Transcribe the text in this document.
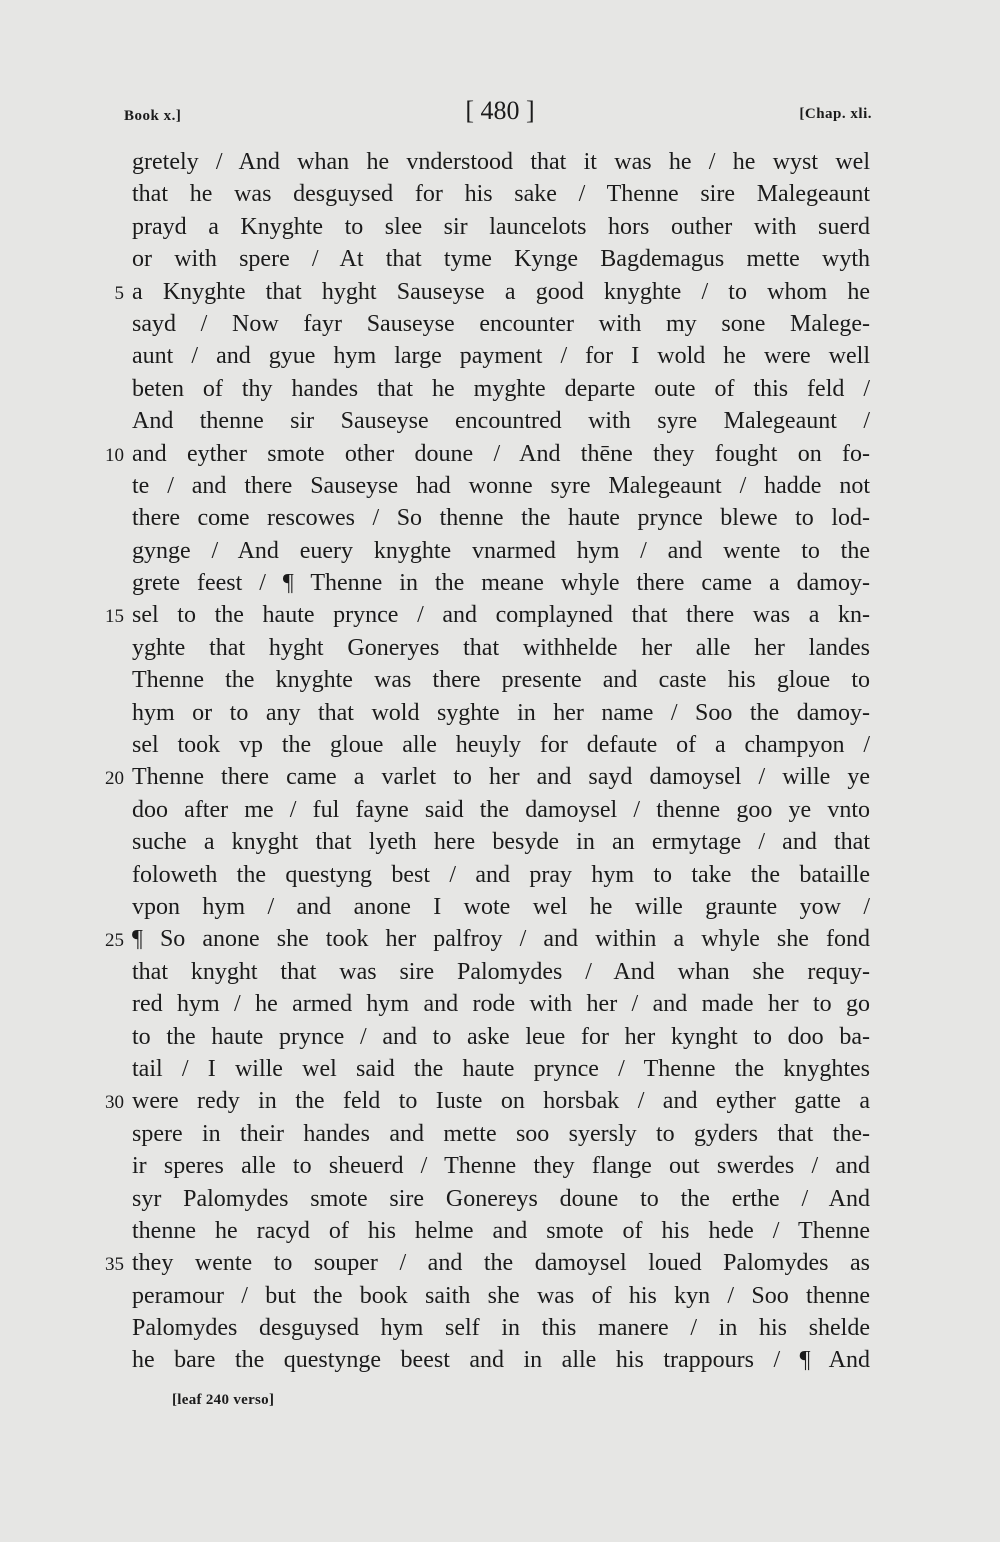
Book x.]	[ 480 ]	[Chap. xli.
gretely / And whan he vnderstood that it was he / he wyst wel
that he was desguysed for his sake / Thenne sire Malegeaunt
prayd a Knyghte to slee sir launcelots hors outher with suerd
or with spere / At that tyme Kynge Bagdemagus mette wyth
5 a Knyghte that hyght Sauseyse a good knyghte / to whom he
sayd / Now fayr Sauseyse encounter with my sone Malege-
aunt / and gyue hym large payment / for I wold he were well
beten of thy handes that he myghte departe oute of this feld /
And thenne sir Sauseyse encountred with syre Malegeaunt /
10 and eyther smote other doune / And thēne they fought on fo-
te / and there Sauseyse had wonne syre Malegeaunt / hadde not
there come rescowes / So thenne the haute prynce blewe to lod-
gynge / And euery knyghte vnarmed hym / and wente to the
grete feest / ¶ Thenne in the meane whyle there came a damoy-
15 sel to the haute prynce / and complayned that there was a kn-
yghte that hyght Goneryes that withhelde her alle her landes
Thenne the knyghte was there presente and caste his gloue to
hym or to any that wold syghte in her name / Soo the damoy-
sel took vp the gloue alle heuyly for defaute of a champyon /
20 Thenne there came a varlet to her and sayd damoysel / wille ye
doo after me / ful fayne said the damoysel / thenne goo ye vnto
suche a knyght that lyeth here besyde in an ermytage / and that
foloweth the questyng best / and pray hym to take the bataille
vpon hym / and anone I wote wel he wille graunte yow /
25 ¶ So anone she took her palfroy / and within a whyle she fond
that knyght that was sire Palomydes / And whan she requy-
red hym / he armed hym and rode with her / and made her to go
to the haute prynce / and to aske leue for her kynght to doo ba-
tail / I wille wel said the haute prynce / Thenne the knyghtes
30 were redy in the feld to Iuste on horsbak / and eyther gatte a
spere in their handes and mette soo syersly to gyders that the-
ir speres alle to sheuerd / Thenne they flange out swerdes / and
syr Palomydes smote sire Gonereys doune to the erthe / And
thenne he racyd of his helme and smote of his hede / Thenne
35 they wente to souper / and the damoysel loued Palomydes as
peramour / but the book saith she was of his kyn / Soo thenne
Palomydes desguysed hym self in this manere / in his shelde
he bare the questynge beest and in alle his trappours / ¶ And
[leaf 240 verso]
